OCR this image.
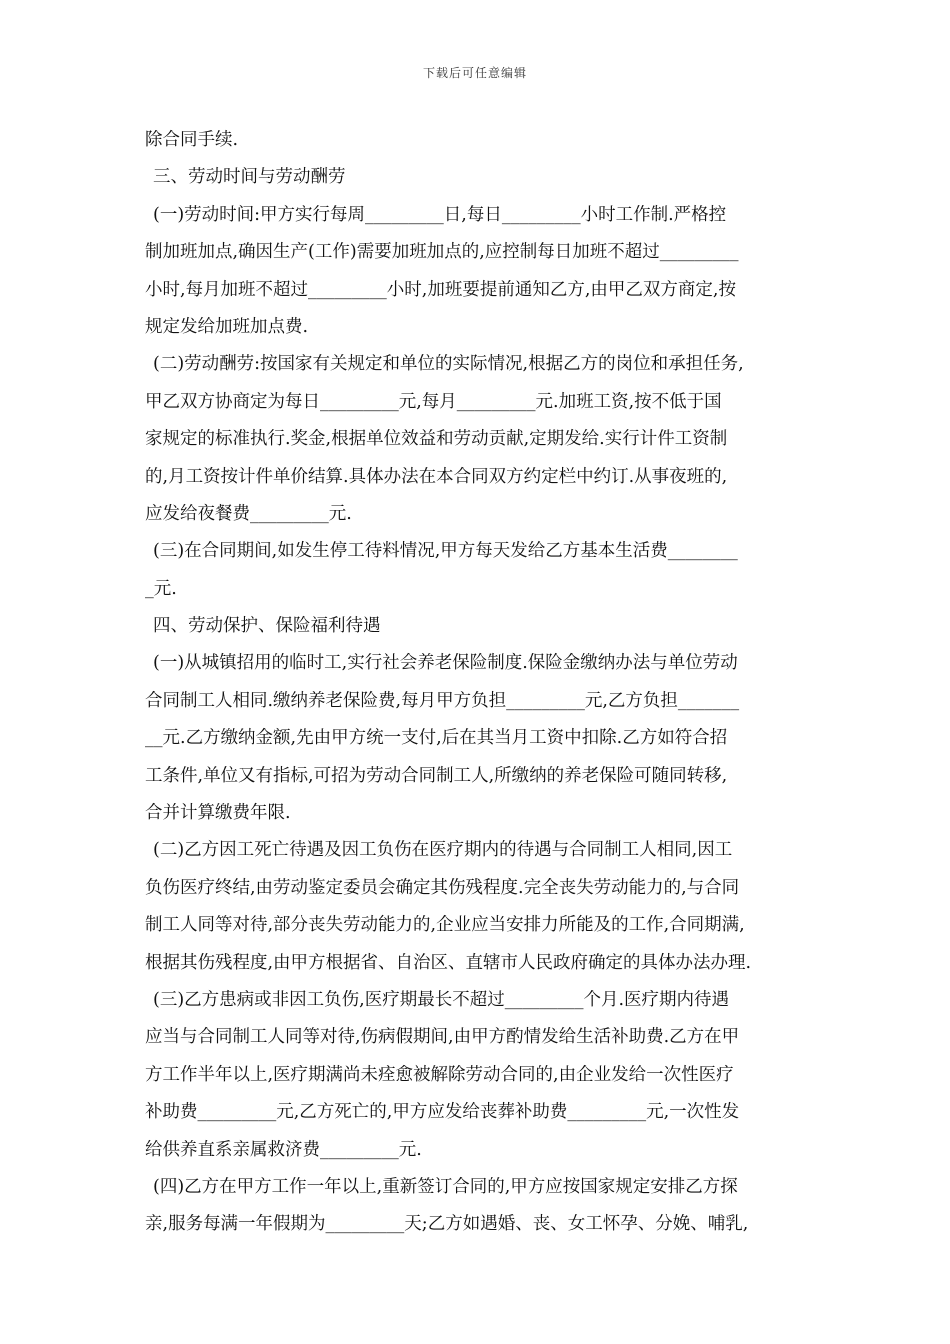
下载后可任意编辑
除合同手续.
三、劳动时间与劳动酬劳
(一)劳动时间:甲方实行每周_________日,每日_________小时工作制.严格控
制加班加点,确因生产(工作)需要加班加点的,应控制每日加班不超过_________
小时,每月加班不超过_________小时,加班要提前通知乙方,由甲乙双方商定,按
规定发给加班加点费.
(二)劳动酬劳:按国家有关规定和单位的实际情况,根据乙方的岗位和承担任务,
甲乙双方协商定为每日_________元,每月_________元.加班工资,按不低于国
家规定的标准执行.奖金,根据单位效益和劳动贡献,定期发给.实行计件工资制
的,月工资按计件单价结算.具体办法在本合同双方约定栏中约订.从事夜班的,
应发给夜餐费_________元.
(三)在合同期间,如发生停工待料情况,甲方每天发给乙方基本生活费________
_元.
四、劳动保护、保险福利待遇
(一)从城镇招用的临时工,实行社会养老保险制度.保险金缴纳办法与单位劳动
合同制工人相同.缴纳养老保险费,每月甲方负担_________元,乙方负担_______
__元.乙方缴纳金额,先由甲方统一支付,后在其当月工资中扣除.乙方如符合招
工条件,单位又有指标,可招为劳动合同制工人,所缴纳的养老保险可随同转移,
合并计算缴费年限.
(二)乙方因工死亡待遇及因工负伤在医疗期内的待遇与合同制工人相同,因工
负伤医疗终结,由劳动鉴定委员会确定其伤残程度.完全丧失劳动能力的,与合同
制工人同等对待,部分丧失劳动能力的,企业应当安排力所能及的工作,合同期满,
根据其伤残程度,由甲方根据省、自治区、直辖市人民政府确定的具体办法办理.
(三)乙方患病或非因工负伤,医疗期最长不超过_________个月.医疗期内待遇
应当与合同制工人同等对待,伤病假期间,由甲方酌情发给生活补助费.乙方在甲
方工作半年以上,医疗期满尚未痊愈被解除劳动合同的,由企业发给一次性医疗
补助费_________元,乙方死亡的,甲方应发给丧葬补助费_________元,一次性发
给供养直系亲属救济费_________元.
(四)乙方在甲方工作一年以上,重新签订合同的,甲方应按国家规定安排乙方探
亲,服务每满一年假期为_________天;乙方如遇婚、丧、女工怀孕、分娩、哺乳,
